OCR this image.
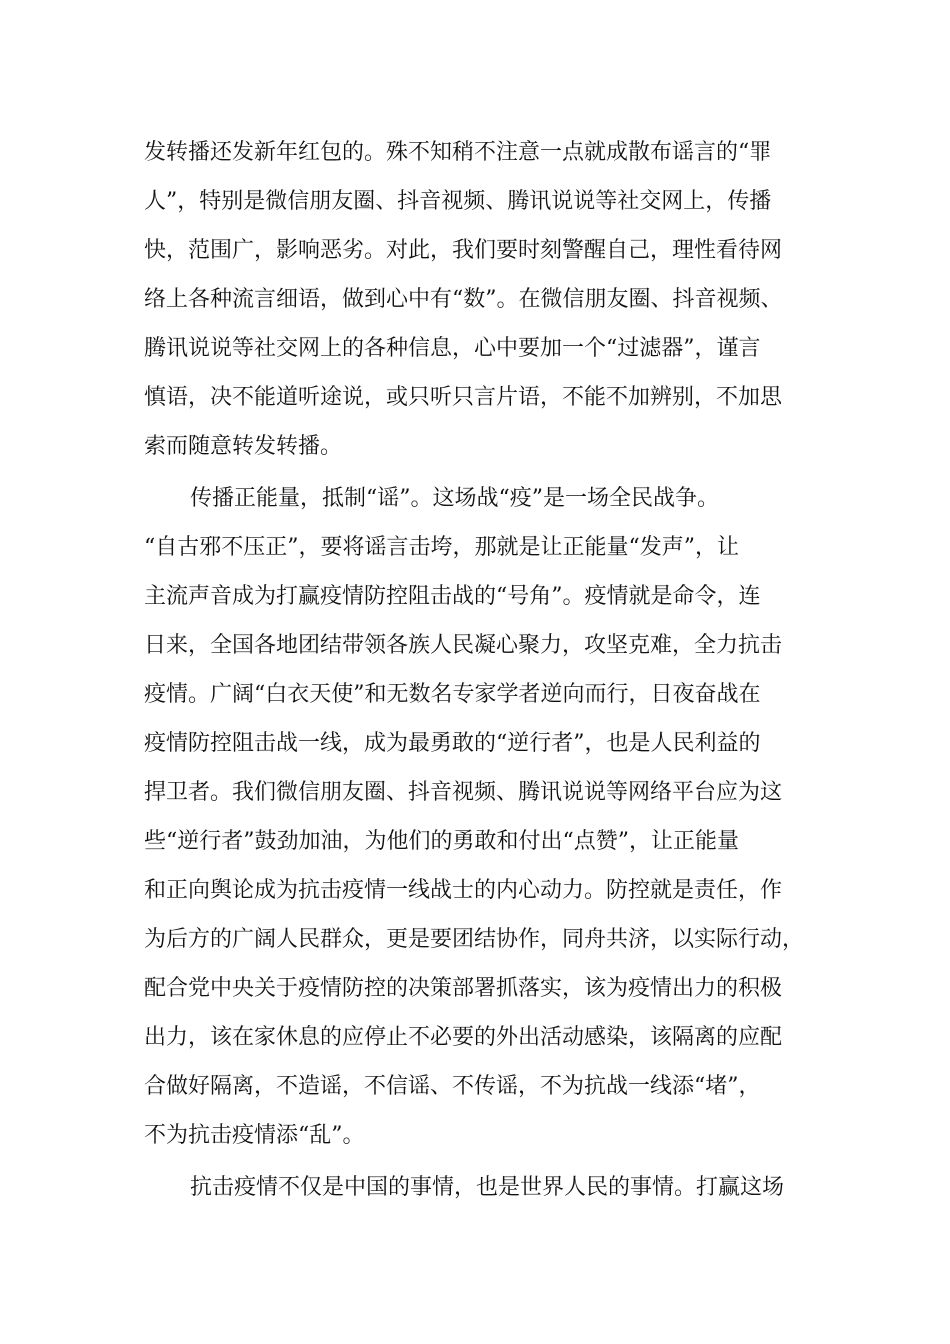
发转播还发新年红包的。殊不知稍不注意一点就成散布谣言的“罪
人”，特别是微信朋友圈、抖音视频、腾讯说说等社交网上，传播
快，范围广，影响恶劣。对此，我们要时刻警醒自己，理性看待网
络上各种流言细语，做到心中有“数”。在微信朋友圈、抖音视频、
腾讯说说等社交网上的各种信息，心中要加一个“过滤器”，谨言
慎语，决不能道听途说，或只听只言片语，不能不加辨别，不加思
索而随意转发转播。
传播正能量，抵制“谣”。这场战“疫”是一场全民战争。
“自古邪不压正”，要将谣言击垮，那就是让正能量“发声”，让
主流声音成为打赢疫情防控阻击战的“号角”。疫情就是命令，连
日来，全国各地团结带领各族人民凝心聚力，攻坚克难，全力抗击
疫情。广阔“白衣天使”和无数名专家学者逆向而行，日夜奋战在
疫情防控阻击战一线，成为最勇敢的“逆行者”，也是人民利益的
捍卫者。我们微信朋友圈、抖音视频、腾讯说说等网络平台应为这
些“逆行者”鼓劲加油，为他们的勇敢和付出“点赞”，让正能量
和正向舆论成为抗击疫情一线战士的内心动力。防控就是责任，作
为后方的广阔人民群众，更是要团结协作，同舟共济，以实际行动，
配合党中央关于疫情防控的决策部署抓落实，该为疫情出力的积极
出力，该在家休息的应停止不必要的外出活动感染，该隔离的应配
合做好隔离，不造谣，不信谣、不传谣，不为抗战一线添“堵”，
不为抗击疫情添“乱”。
抗击疫情不仅是中国的事情，也是世界人民的事情。打赢这场
